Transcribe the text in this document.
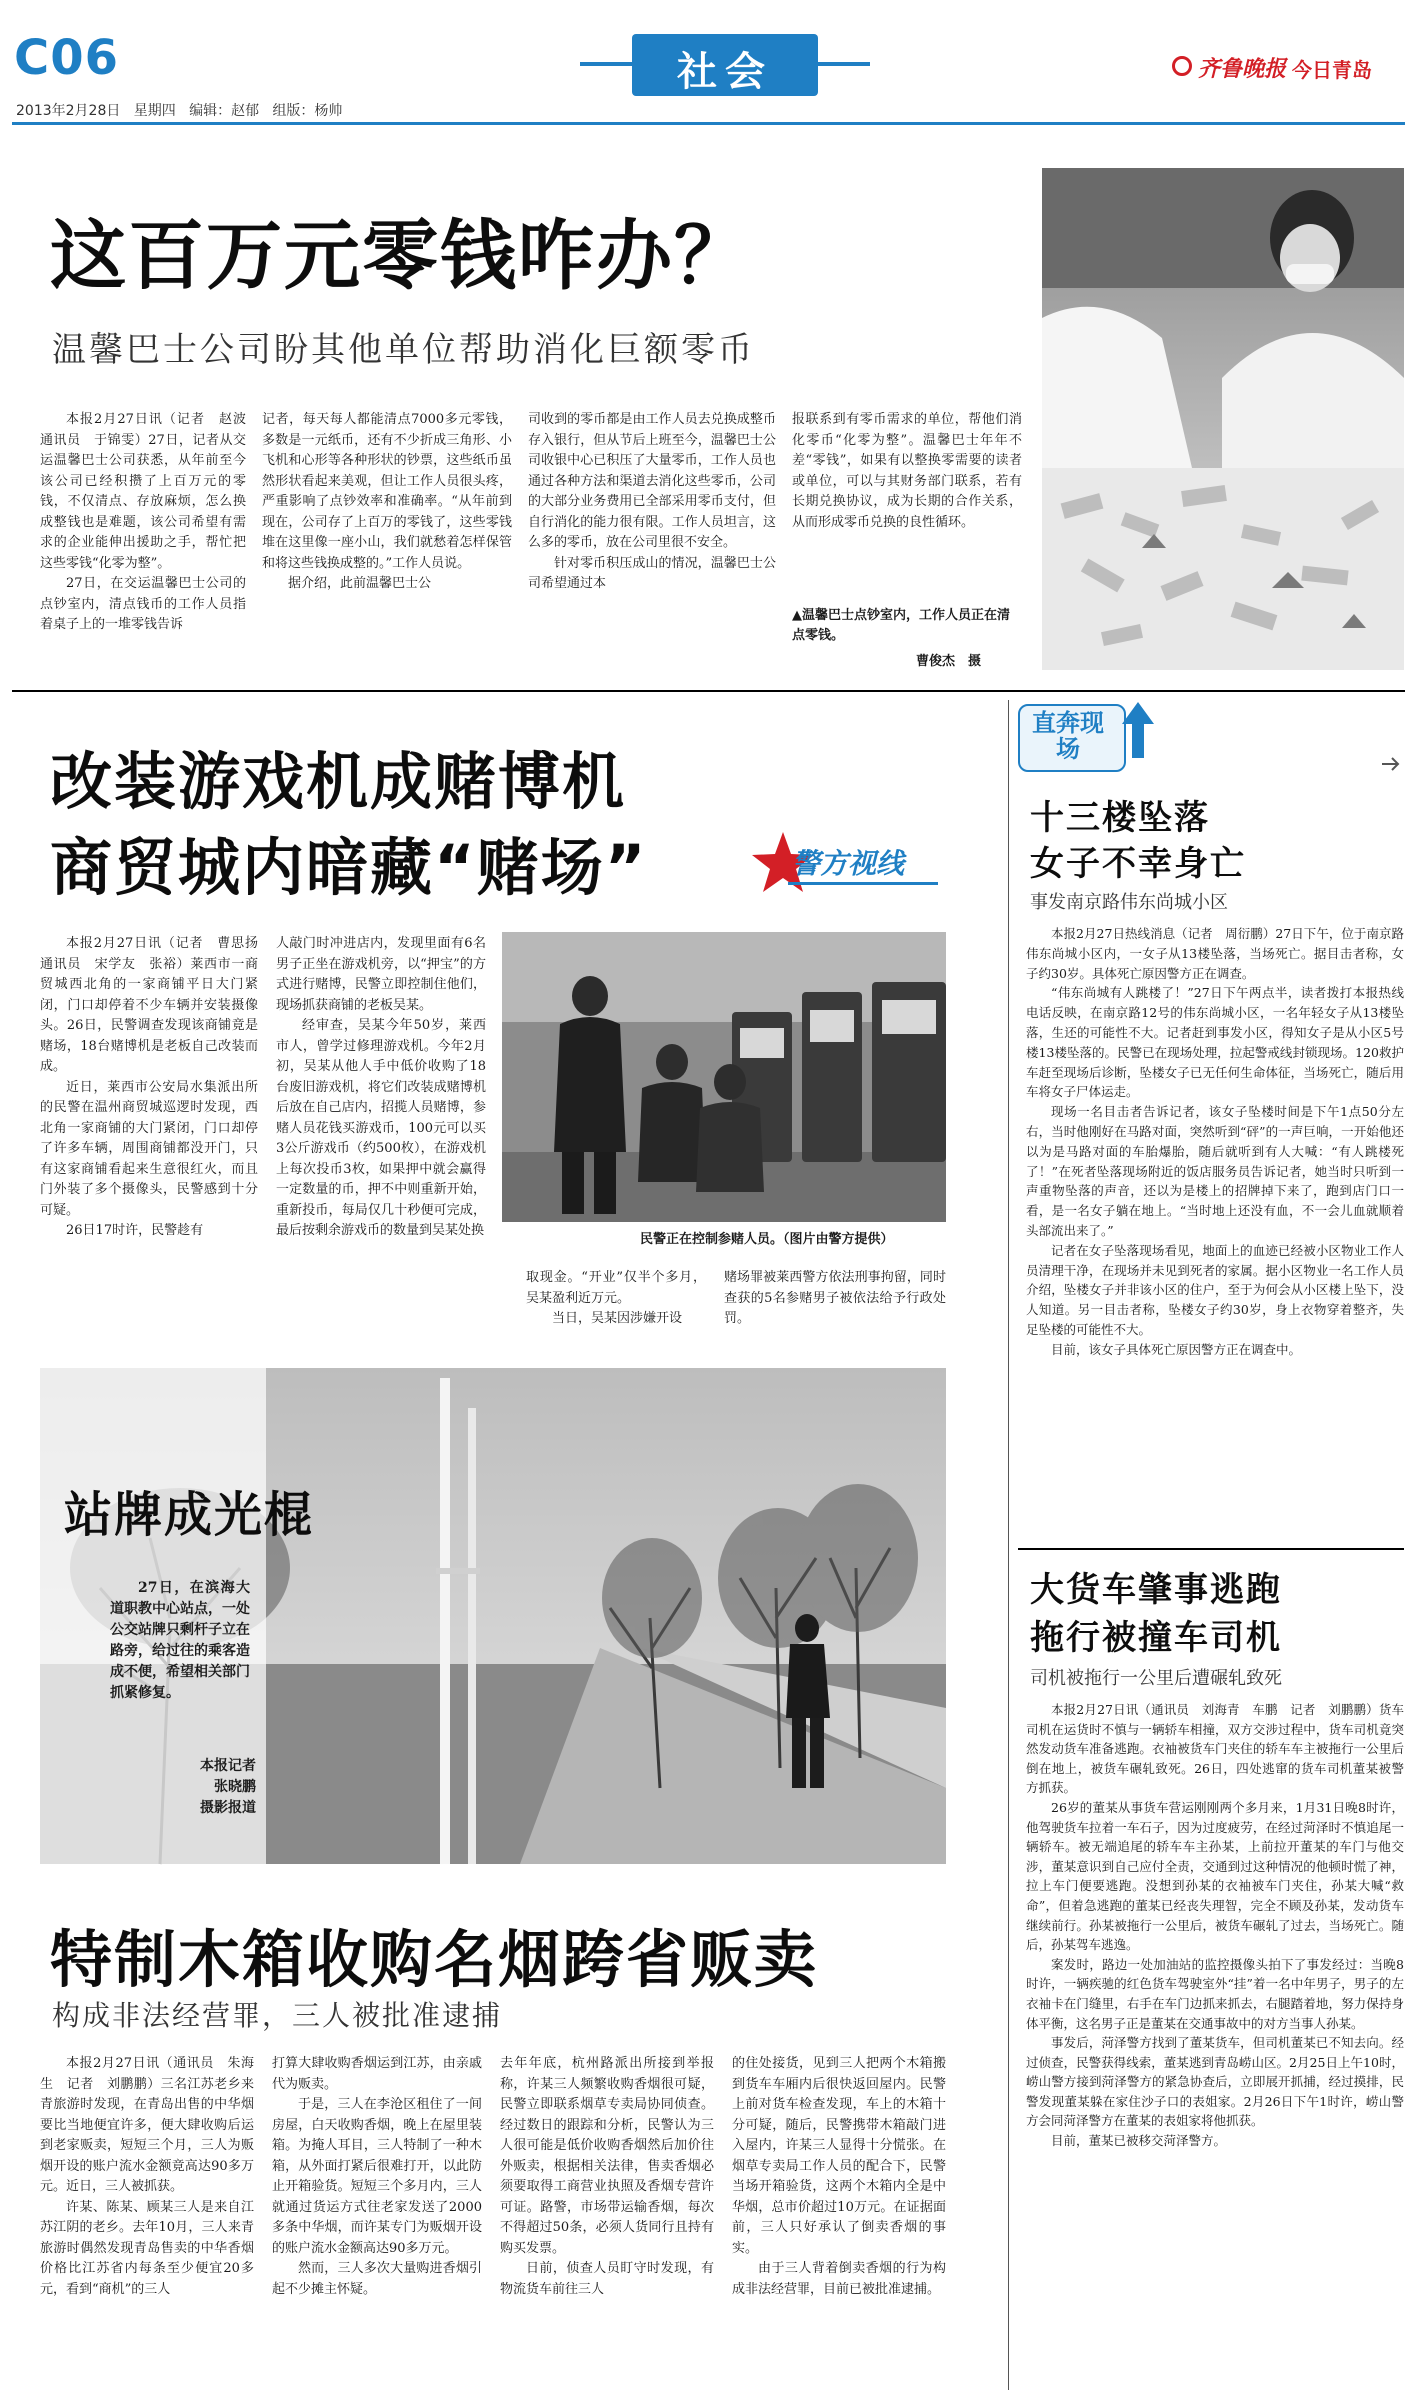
C06
2013年2月28日 星期四 编辑：赵郁 组版：杨帅
社会	齐鲁晚报 今日青岛
这百万元零钱咋办？
温馨巴士公司盼其他单位帮助消化巨额零币

本报2月27日讯（记者　赵波　通讯员　于锦雯）27日，记者从交运温馨巴士公司获悉，从年前至今该公司已经积攒了上百万元的零钱，不仅清点、存放麻烦，怎么换成整钱也是难题，该公司希望有需求的企业能伸出援助之手，帮忙把这些零钱“化零为整”。

27日，在交运温馨巴士公司的点钞室内，清点钱币的工作人员指着桌子上的一堆零钱告诉

记者，每天每人都能清点7000多元零钱，多数是一元纸币，还有不少折成三角形、小飞机和心形等各种形状的钞票，这些纸币虽然形状看起来美观，但让工作人员很头疼，严重影响了点钞效率和准确率。“从年前到现在，公司存了上百万的零钱了，这些零钱堆在这里像一座小山，我们就愁着怎样保管和将这些钱换成整的。”工作人员说。

据介绍，此前温馨巴士公

司收到的零币都是由工作人员去兑换成整币存入银行，但从节后上班至今，温馨巴士公司收银中心已积压了大量零币，工作人员也通过各种方法和渠道去消化这些零币，公司的大部分业务费用已全部采用零币支付，但自行消化的能力很有限。工作人员坦言，这么多的零币，放在公司里很不安全。

针对零币积压成山的情况，温馨巴士公司希望通过本

报联系到有零币需求的单位，帮他们消化零币“化零为整”。温馨巴士年年不差“零钱”，如果有以整换零需要的读者或单位，可以与其财务部门联系，若有长期兑换协议，成为长期的合作关系，从而形成零币兑换的良性循环。

▲温馨巴士点钞室内，工作人员正在清点零钱。
曹俊杰　摄
改装游戏机成赌博机
商贸城内暗藏“赌场”	警方视线

本报2月27日讯（记者　曹思扬　通讯员　宋学友　张裕）莱西市一商贸城西北角的一家商铺平日大门紧闭，门口却停着不少车辆并安装摄像头。26日，民警调查发现该商铺竟是赌场，18台赌博机是老板自己改装而成。

近日，莱西市公安局水集派出所的民警在温州商贸城巡逻时发现，西北角一家商铺的大门紧闭，门口却停了许多车辆，周围商铺都没开门，只有这家商铺看起来生意很红火，而且门外装了多个摄像头，民警感到十分可疑。

26日17时许，民警趁有

人敲门时冲进店内，发现里面有6名男子正坐在游戏机旁，以“押宝”的方式进行赌博，民警立即控制住他们，现场抓获商铺的老板吴某。

经审查，吴某今年50岁，莱西市人，曾学过修理游戏机。今年2月初，吴某从他人手中低价收购了18台废旧游戏机，将它们改装成赌博机后放在自己店内，招揽人员赌博，参赌人员花钱买游戏币，100元可以买3公斤游戏币（约500枚），在游戏机上每次投币3枚，如果押中就会赢得一定数量的币，押不中则重新开始，重新投币，每局仅几十秒便可完成，最后按剩余游戏币的数量到吴某处换

取现金。“开业”仅半个多月，吴某盈利近万元。

当日，吴某因涉嫌开设

赌场罪被莱西警方依法刑事拘留，同时查获的5名参赌男子被依法给予行政处罚。

民警正在控制参赌人员。（图片由警方提供）
站牌成光棍
27日，在滨海大道职教中心站点，一处公交站牌只剩杆子立在路旁，给过往的乘客造成不便，希望相关部门抓紧修复。
本报记者
张晓鹏
摄影报道
特制木箱收购名烟跨省贩卖
构成非法经营罪，三人被批准逮捕

本报2月27日讯（通讯员　朱海生　记者　刘鹏鹏）三名江苏老乡来青旅游时发现，在青岛出售的中华烟要比当地便宜许多，便大肆收购后运到老家贩卖，短短三个月，三人为贩烟开设的账户流水金额竟高达90多万元。近日，三人被抓获。

许某、陈某、顾某三人是来自江苏江阴的老乡。去年10月，三人来青旅游时偶然发现青岛售卖的中华香烟价格比江苏省内每条至少便宜20多元，看到“商机”的三人

打算大肆收购香烟运到江苏，由亲戚代为贩卖。

于是，三人在李沧区租住了一间房屋，白天收购香烟，晚上在屋里装箱。为掩人耳目，三人特制了一种木箱，从外面打紧后很难打开，以此防止开箱验货。短短三个多月内，三人就通过货运方式往老家发送了2000多条中华烟，而许某专门为贩烟开设的账户流水金额高达90多万元。

然而，三人多次大量购进香烟引起不少摊主怀疑。

去年年底，杭州路派出所接到举报称，许某三人频繁收购香烟很可疑，民警立即联系烟草专卖局协同侦查。经过数日的跟踪和分析，民警认为三人很可能是低价收购香烟然后加价往外贩卖，根据相关法律，售卖香烟必须要取得工商营业执照及香烟专营许可证。路警，市场带运输香烟，每次不得超过50条，必须人货同行且持有购买发票。

日前，侦查人员盯守时发现，有物流货车前往三人

的住处接货，见到三人把两个木箱搬到货车车厢内后很快返回屋内。民警上前对货车检查发现，车上的木箱十分可疑，随后，民警携带木箱敲门进入屋内，许某三人显得十分慌张。在烟草专卖局工作人员的配合下，民警当场开箱验货，这两个木箱内全是中华烟，总市价超过10万元。在证据面前，三人只好承认了倒卖香烟的事实。

由于三人背着倒卖香烟的行为构成非法经营罪，目前已被批准逮捕。

直奔现场
十三楼坠落
女子不幸身亡
事发南京路伟东尚城小区

本报2月27日热线消息（记者　周衍鹏）27日下午，位于南京路伟东尚城小区内，一女子从13楼坠落，当场死亡。据目击者称，女子约30岁。具体死亡原因警方正在调查。

“伟东尚城有人跳楼了！”27日下午两点半，读者拨打本报热线电话反映，在南京路12号的伟东尚城小区，一名年轻女子从13楼坠落，生还的可能性不大。记者赶到事发小区，得知女子是从小区5号楼13楼坠落的。民警已在现场处理，拉起警戒线封锁现场。120救护车赶至现场后诊断，坠楼女子已无任何生命体征，当场死亡，随后用车将女子尸体运走。

现场一名目击者告诉记者，该女子坠楼时间是下午1点50分左右，当时他刚好在马路对面，突然听到“砰”的一声巨响，一开始他还以为是马路对面的车胎爆胎，随后就听到有人大喊：“有人跳楼死了！”在死者坠落现场附近的饭店服务员告诉记者，她当时只听到一声重物坠落的声音，还以为是楼上的招牌掉下来了，跑到店门口一看，是一名女子躺在地上。“当时地上还没有血，不一会儿血就顺着头部流出来了。”

记者在女子坠落现场看见，地面上的血迹已经被小区物业工作人员清理干净，在现场并未见到死者的家属。据小区物业一名工作人员介绍，坠楼女子并非该小区的住户，至于为何会从小区楼上坠下，没人知道。另一目击者称，坠楼女子约30岁，身上衣物穿着整齐，失足坠楼的可能性不大。

目前，该女子具体死亡原因警方正在调查中。

大货车肇事逃跑
拖行被撞车司机
司机被拖行一公里后遭碾轧致死

本报2月27日讯（通讯员　刘海青　车鹏　记者　刘鹏鹏）货车司机在运货时不慎与一辆轿车相撞，双方交涉过程中，货车司机竟突然发动货车准备逃跑。衣袖被货车门夹住的轿车车主被拖行一公里后倒在地上，被货车碾轧致死。26日，四处逃窜的货车司机董某被警方抓获。

26岁的董某从事货车营运刚刚两个多月来，1月31日晚8时许，他驾驶货车拉着一车石子，因为过度疲劳，在经过菏泽时不慎追尾一辆轿车。被无端追尾的轿车车主孙某，上前拉开董某的车门与他交涉，董某意识到自己应付全责，交通到过这种情况的他顿时慌了神，拉上车门便要逃跑。没想到孙某的衣袖被车门夹住，孙某大喊“救命”，但着急逃跑的董某已经丧失理智，完全不顾及孙某，发动货车继续前行。孙某被拖行一公里后，被货车碾轧了过去，当场死亡。随后，孙某驾车逃逸。

案发时，路边一处加油站的监控摄像头拍下了事发经过：当晚8时许，一辆疾驰的红色货车驾驶室外“挂”着一名中年男子，男子的左衣袖卡在门缝里，右手在车门边抓来抓去，右腿踏着地，努力保持身体平衡，这名男子正是董某在交通事故中的对方当事人孙某。

事发后，菏泽警方找到了董某货车，但司机董某已不知去向。经过侦查，民警获得线索，董某逃到青岛崂山区。2月25日上午10时，崂山警方接到菏泽警方的紧急协查后，立即展开抓捕，经过摸排，民警发现董某躲在家住沙子口的表姐家。2月26日下午1时许，崂山警方会同菏泽警方在董某的表姐家将他抓获。

目前，董某已被移交菏泽警方。
